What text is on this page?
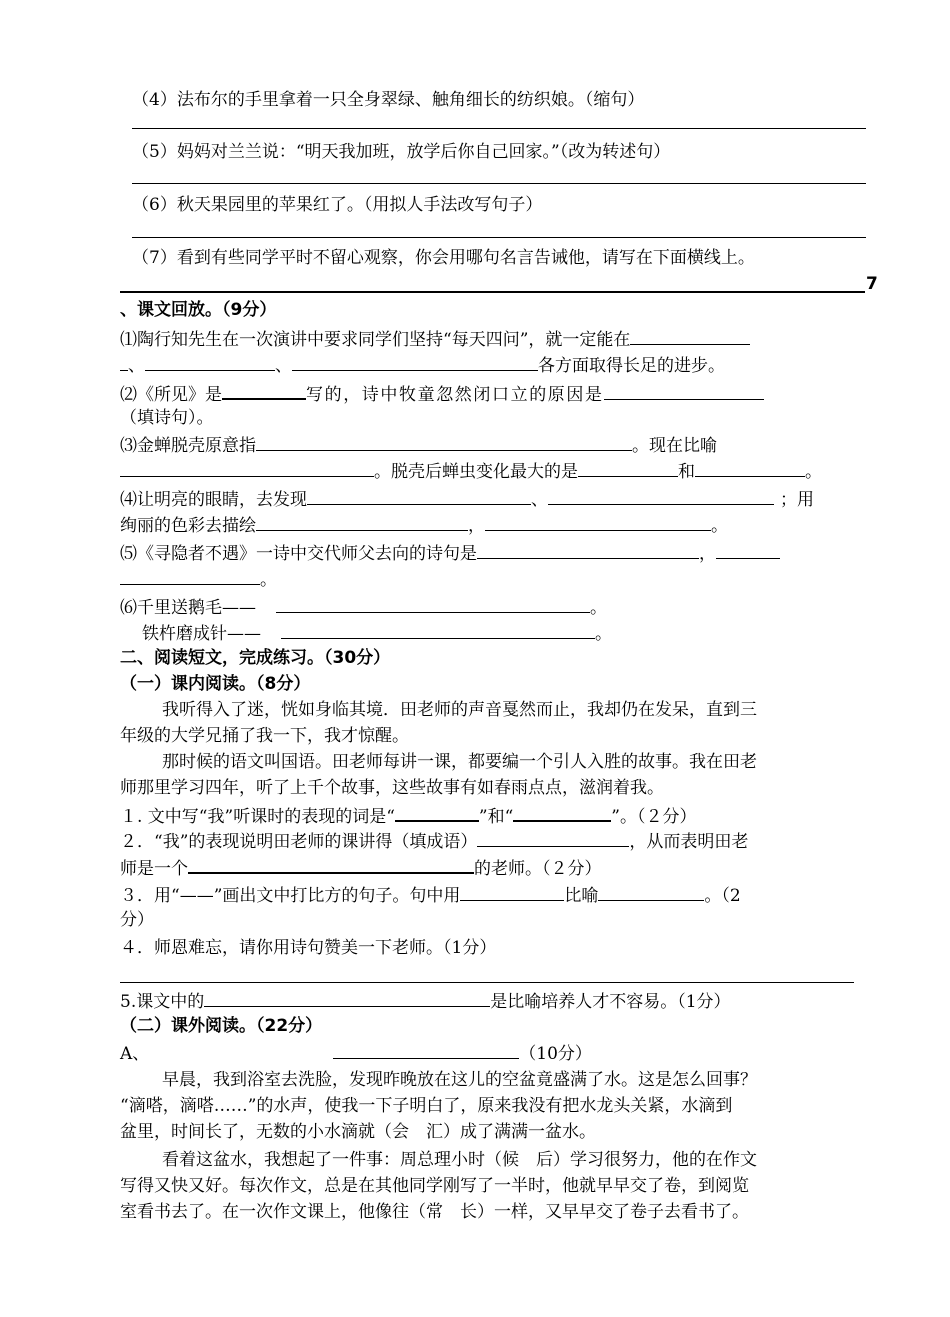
（4）法布尔的手里拿着一只全身翠绿、触角细长的纺织娘。（缩句）
（5）妈妈对兰兰说：“明天我加班，放学后你自己回家。”（改为转述句）
（6）秋天果园里的苹果红了。（用拟人手法改写句子）
（7）看到有些同学平时不留心观察，你会用哪句名言告诫他，请写在下面横线上。
7
、课文回放。（9分）
⑴陶行知先生在一次演讲中要求同学们坚持“每天四问”，就一定能在
、	、	各方面取得长足的进步。
⑵《所见》是	写的，诗中牧童忽然闭口立的原因是
（填诗句）。
⑶金蝉脱壳原意指	。现在比喻
。脱壳后蝉虫变化最大的是	和	。
⑷让明亮的眼睛，去发现	、	；用
绚丽的色彩去描绘	，	。
⑸《寻隐者不遇》一诗中交代师父去向的诗句是	，
。
⑹千里送鹅毛——	。
铁杵磨成针——	。
二、阅读短文，完成练习。（30分）
（一）课内阅读。（8分）
我听得入了迷，恍如身临其境．田老师的声音戛然而止，我却仍在发呆，直到三
年级的大学兄捅了我一下，我才惊醒。
那时候的语文叫国语。田老师每讲一课，都要编一个引人入胜的故事。我在田老
师那里学习四年，听了上千个故事，这些故事有如春雨点点，滋润着我。
１. 文中写“我”听课时的表现的词是“	”和“	”。（２分）
２．“我”的表现说明田老师的课讲得（填成语）	，从而表明田老
师是一个	的老师。（２分）
３．用“——”画出文中打比方的句子。句中用	比喻	。（2
分）
４．师恩难忘，请你用诗句赞美一下老师。（1分）
5.课文中的	是比喻培养人才不容易。（1分）
（二）课外阅读。（22分）
A、	（10分）
早晨，我到浴室去洗脸，发现昨晚放在这儿的空盆竟盛满了水。这是怎么回事？
“滴嗒，滴嗒……”的水声，使我一下子明白了，原来我没有把水龙头关紧，水滴到
盆里，时间长了，无数的小水滴就（会　汇）成了满满一盆水。
看着这盆水，我想起了一件事：周总理小时（候　后）学习很努力，他的在作文
写得又快又好。每次作文，总是在其他同学刚写了一半时，他就早早交了卷，到阅览
室看书去了。在一次作文课上，他像往（常　长）一样，又早早交了卷子去看书了。
